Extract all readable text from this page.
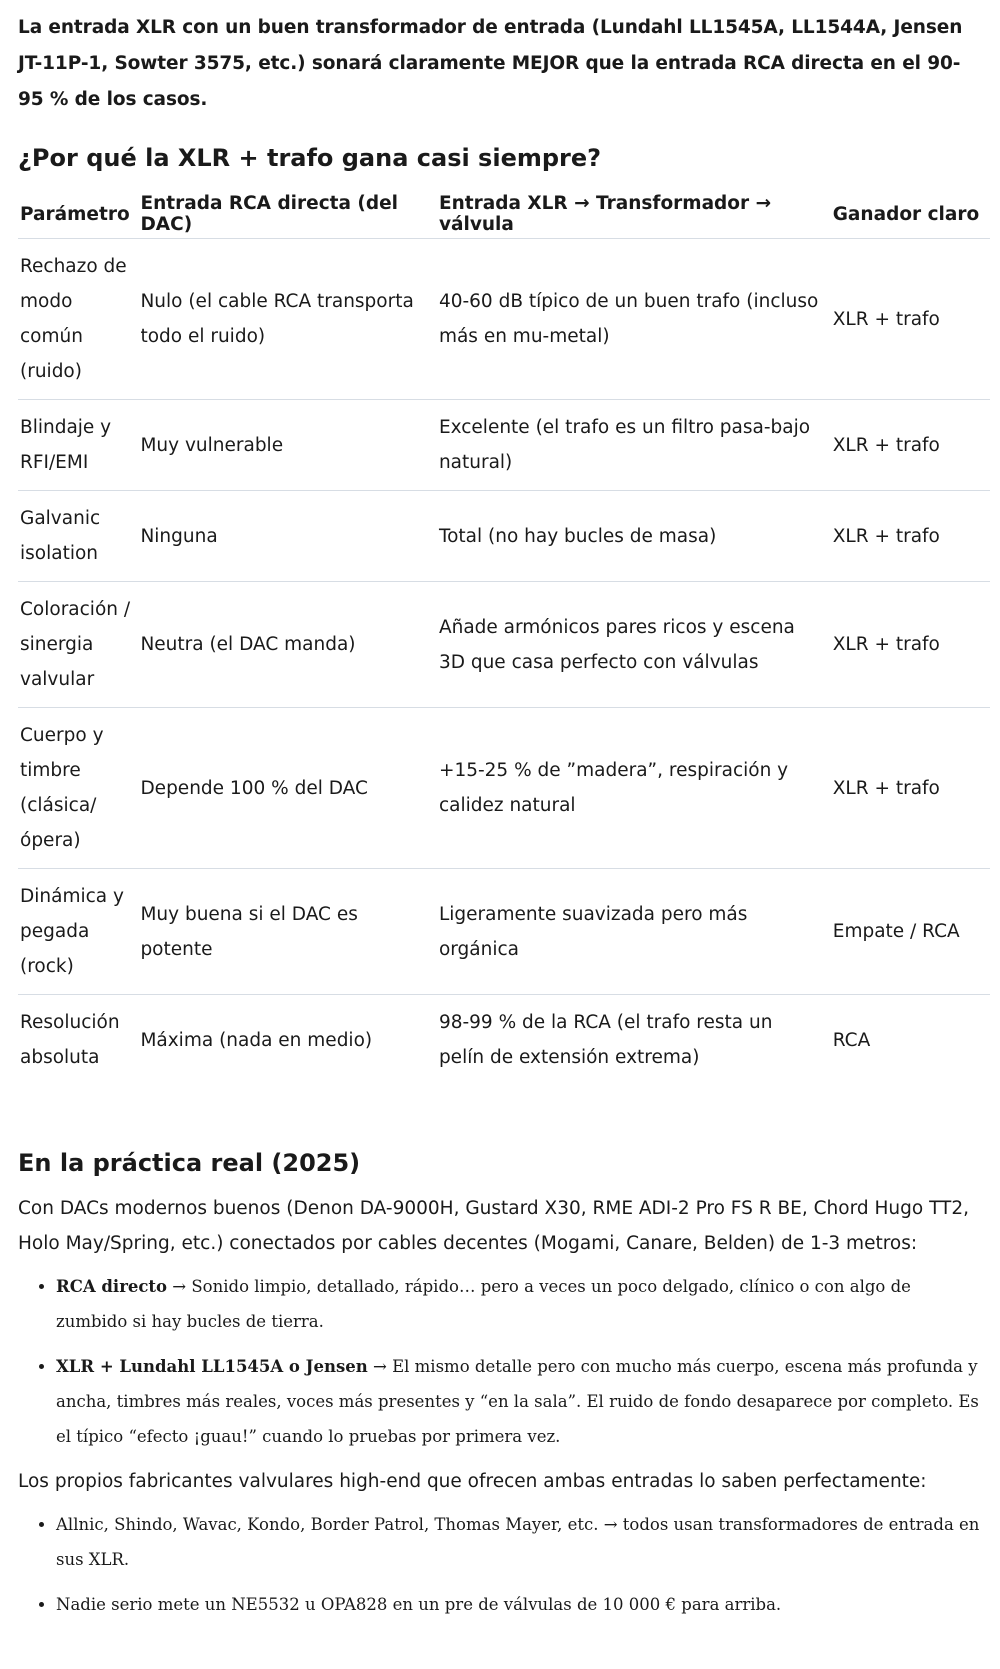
La entrada XLR con un buen transformador de entrada (Lundahl LL1545A, LL1544A, Jensen JT-11P-1, Sowter 3575, etc.) sonará claramente MEJOR que la entrada RCA directa en el 90-95 % de los casos.

¿Por qué la XLR + trafo gana casi siempre?
Parámetro	Entrada RCA directa (del DAC)	Entrada XLR → Transformador → válvula	Ganador claro
Rechazo de modo común (ruido)	Nulo (el cable RCA transporta todo el ruido)	40-60 dB típico de un buen trafo (incluso más en mu-metal)	XLR + trafo
Blindaje y RFI/EMI	Muy vulnerable	Excelente (el trafo es un filtro pasa-bajo natural)	XLR + trafo
Galvanic isolation	Ninguna	Total (no hay bucles de masa)	XLR + trafo
Coloración / sinergia valvular	Neutra (el DAC manda)	Añade armónicos pares ricos y escena 3D que casa perfecto con válvulas	XLR + trafo
Cuerpo y timbre (clásica/ ópera)	Depende 100 % del DAC	+15-25 % de ”madera”, respiración y calidez natural	XLR + trafo
Dinámica y pegada (rock)	Muy buena si el DAC es potente	Ligeramente suavizada pero más orgánica	Empate / RCA
Resolución absoluta	Máxima (nada en medio)	98-99 % de la RCA (el trafo resta un pelín de extensión extrema)	RCA
En la práctica real (2025)

Con DACs modernos buenos (Denon DA-9000H, Gustard X30, RME ADI-2 Pro FS R BE, Chord Hugo TT2, Holo May/Spring, etc.) conectados por cables decentes (Mogami, Canare, Belden) de 1-3 metros:

• RCA directo → Sonido limpio, detallado, rápido… pero a veces un poco delgado, clínico o con algo de zumbido si hay bucles de tierra.
• XLR + Lundahl LL1545A o Jensen → El mismo detalle pero con mucho más cuerpo, escena más profunda y ancha, timbres más reales, voces más presentes y “en la sala”. El ruido de fondo desaparece por completo. Es el típico “efecto ¡guau!” cuando lo pruebas por primera vez.

Los propios fabricantes valvulares high-end que ofrecen ambas entradas lo saben perfectamente:

• Allnic, Shindo, Wavac, Kondo, Border Patrol, Thomas Mayer, etc. → todos usan transformadores de entrada en sus XLR.
• Nadie serio mete un NE5532 u OPA828 en un pre de válvulas de 10 000 € para arriba.
